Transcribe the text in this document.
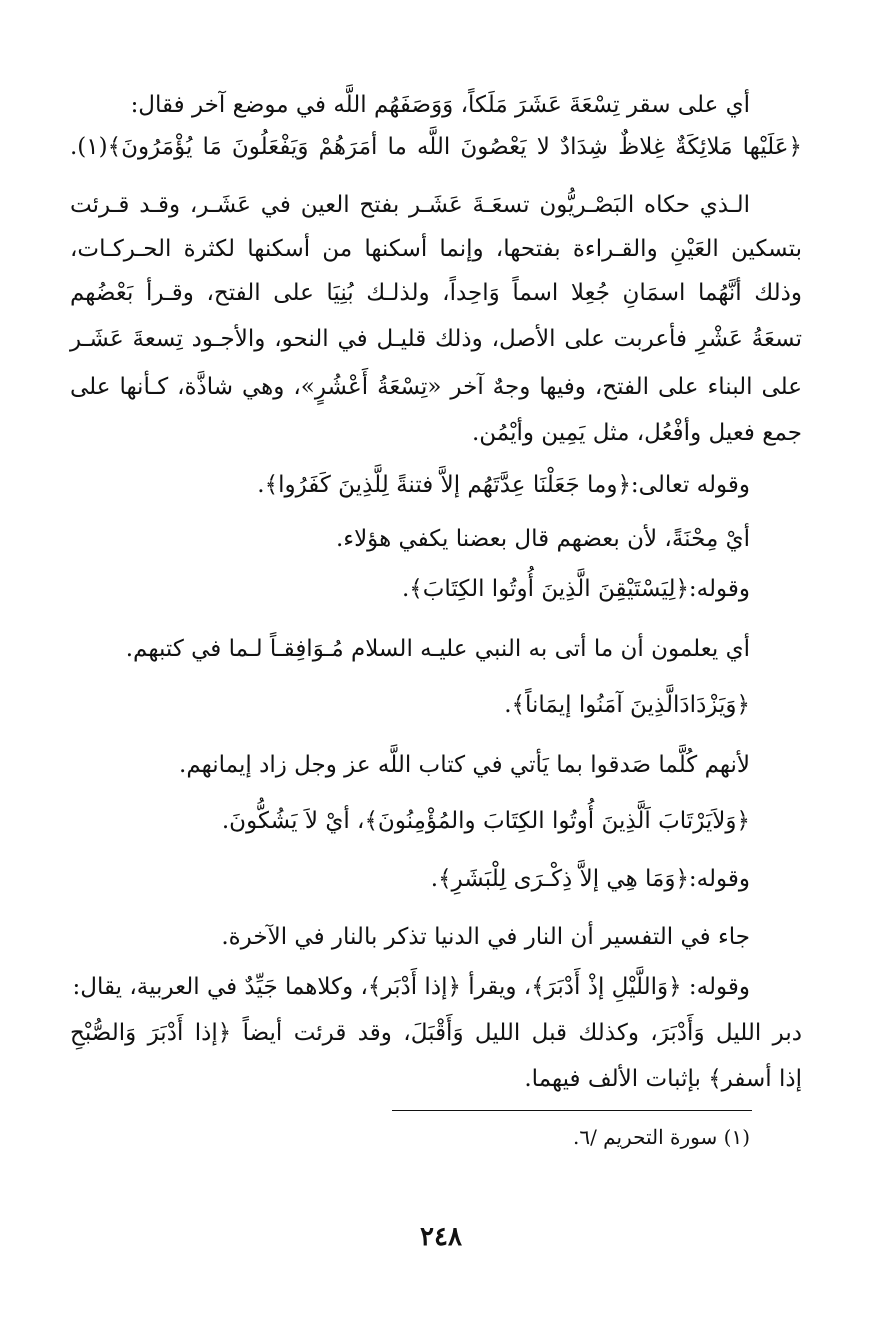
أي على سقر تِسْعَةَ عَشَرَ مَلَكاً، وَوَصَفَهُم اللَّه في موضع آخر فقال:
﴿عَلَيْها مَلائِكَةٌ غِلاظٌ شِدَادٌ لا يَعْصُونَ اللَّه ما أمَرَهُمْ وَيَفْعَلُونَ مَا يُؤْمَرُونَ﴾(١).
الـذي حكاه البَصْـريُّون تسعَـةَ عَشَـر بفتح العين في عَشَـر، وقـد قـرئت
بتسكين العَيْنِ والقـراءة بفتحها، وإنما أسكنها من أسكنها لكثرة الحـركـات،
وذلك أنَّهُما اسمَانِ جُعِلا اسماً وَاحِداً، ولذلـك بُنِيَا على الفتح، وقـرأ بَعْضُهم
تسعَةُ عَشْرِ فأعربت على الأصل، وذلك قليـل في النحو، والأجـود تِسعةَ عَشَـر
على البناء على الفتح، وفيها وجهٌ آخر «تِسْعَةُ أَعْشُرٍ»، وهي شاذَّة، كـأنها على
جمع فعيل وأفْعُل، مثل يَمِين وأيْمُن.
وقوله تعالى:﴿وما جَعَلْنَا عِدَّتَهُم إلاَّ فتنةً لِلَّذِينَ كَفَرُوا﴾.
أيْ مِحْنَةً، لأن بعضهم قال بعضنا يكفي هؤلاء.
وقوله:﴿لِيَسْتَيْقِنَ الَّذِينَ أُوتُوا الكِتَابَ﴾.
أي يعلمون أن ما أتى به النبي عليـه السلام مُـوَافِقـاً لـما في كتبهم.
﴿وَيَزْدَادَالَّذِينَ آمَنُوا إيمَاناً﴾.
لأنهم كُلَّما صَدقوا بما يَأتي في كتاب اللَّه عز وجل زاد إيمانهم.
﴿وَلاَيَرْتَابَ اَلَّذِينَ أُوتُوا الكِتَابَ والمُؤْمِنُونَ﴾، أيْ لاَ يَشُكُّونَ.
وقوله:﴿وَمَا هِي إلاَّ ذِكْـرَى لِلْبَشَرِ﴾.
جاء في التفسير أن النار في الدنيا تذكر بالنار في الآخرة.
وقوله: ﴿وَاللَّيْلِ إذْ أَدْبَرَ﴾، ويقرأ ﴿إذا أَدْبَر﴾، وكلاهما جَيِّدٌ في العربية، يقال:
دبر الليل وَأَدْبَرَ، وكذلك قبل الليل وَأَقْبَلَ، وقد قرئت أيضاً ﴿إذا أَدْبَرَ وَالصُّبْحِ
إذا أسفر﴾ بإثبات الألف فيهما.
(١) سورة التحريم /٦.
٢٤٨
